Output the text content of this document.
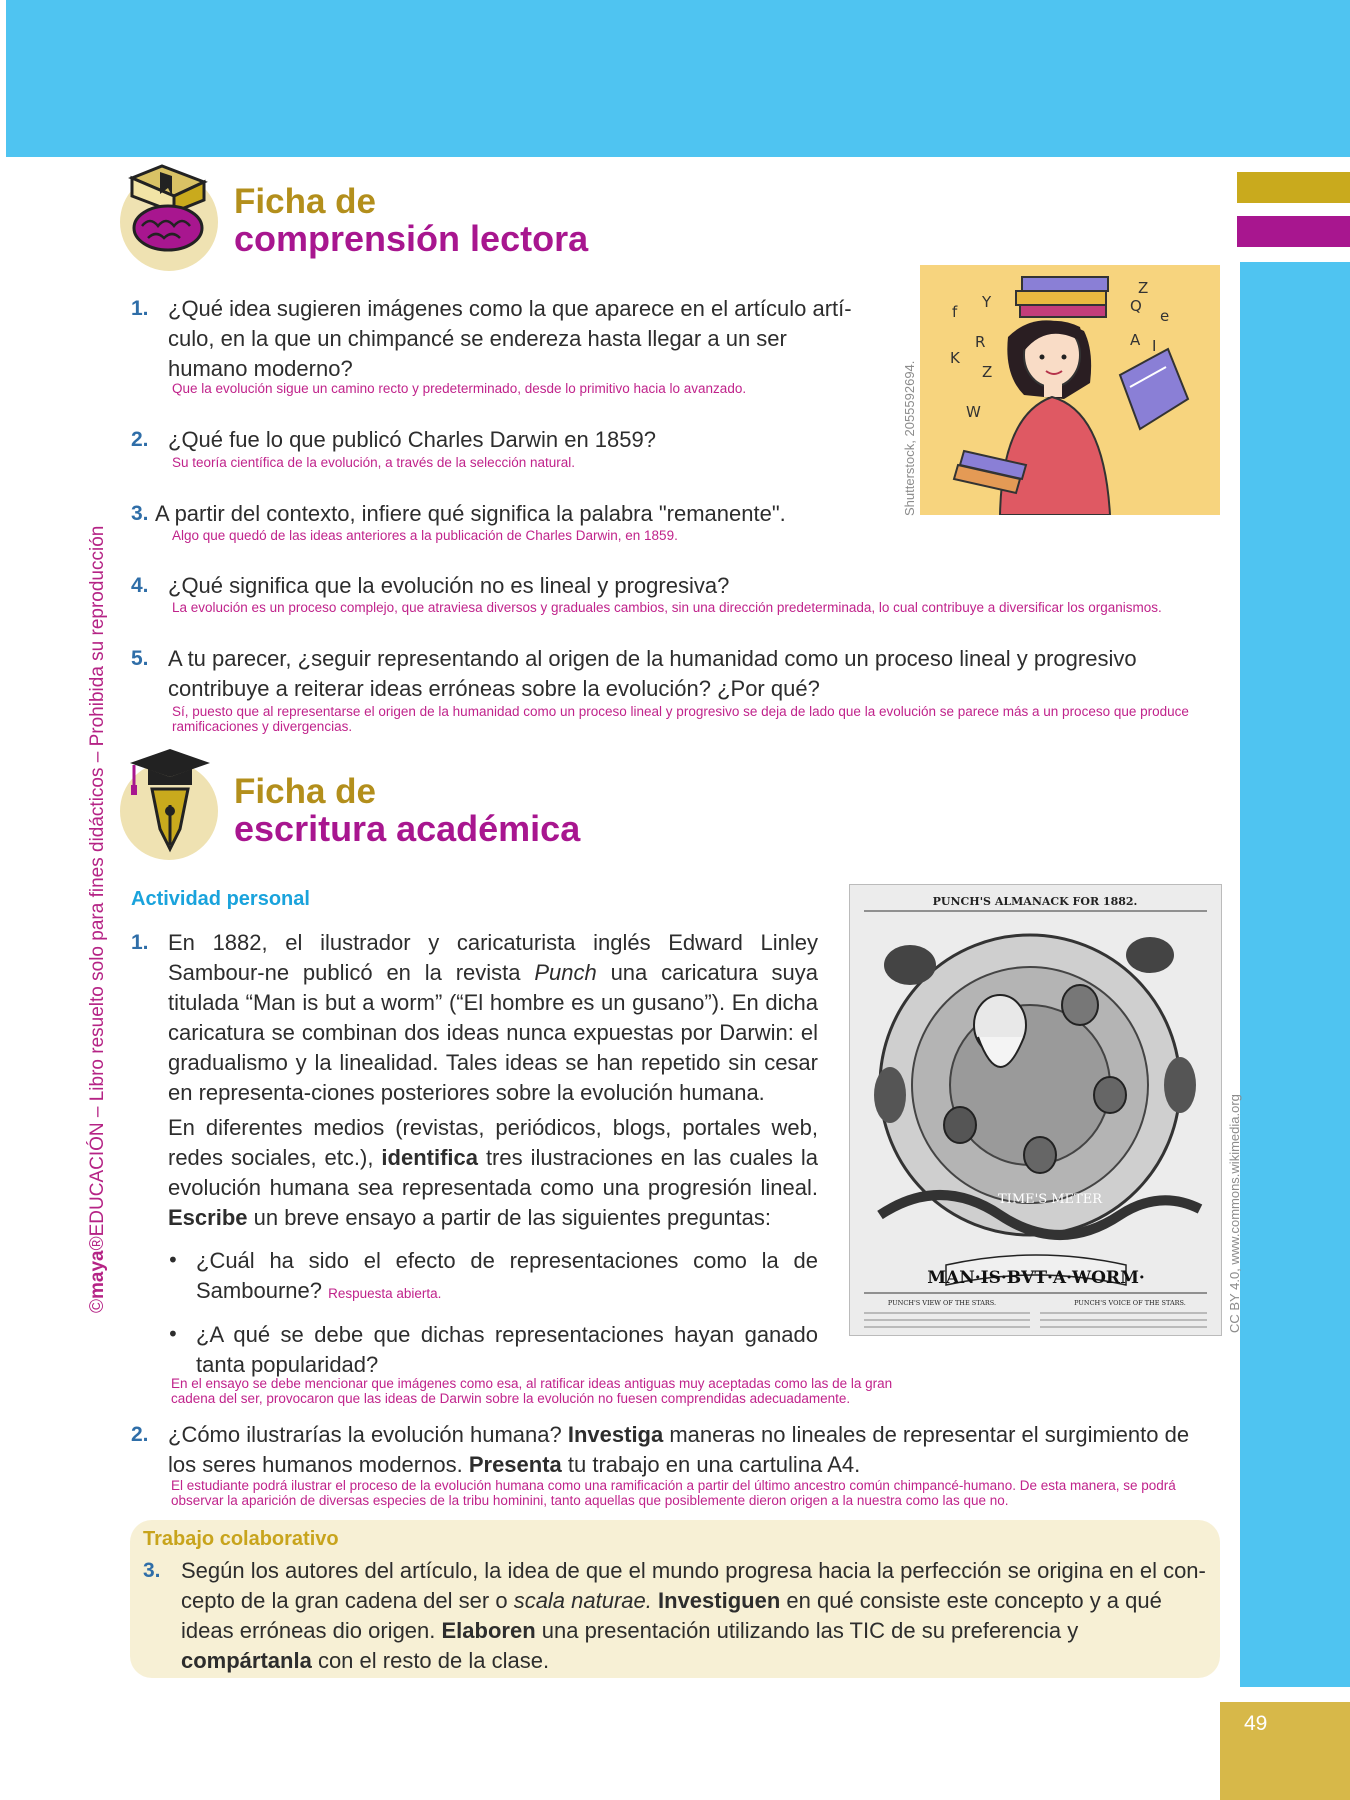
49
©maya®EDUCACIÓN – Libro resuelto solo para fines didácticos – Prohibida su reproducción
Ficha de
comprensión lectora
f
Y
R
K
Z
W
Z
Q
e
A I
Shutterstock, 2055592694.
1. ¿Qué idea sugieren imágenes como la que aparece en el artículo artí-culo, en la que un chimpancé se endereza hasta llegar a un ser humano moderno?
Que la evolución sigue un camino recto y predeterminado, desde lo primitivo hacia lo avanzado.
2. ¿Qué fue lo que publicó Charles Darwin en 1859?
Su teoría científica de la evolución, a través de la selección natural.
3. A partir del contexto, infiere qué significa la palabra "remanente".
Algo que quedó de las ideas anteriores a la publicación de Charles Darwin, en 1859.
4. ¿Qué significa que la evolución no es lineal y progresiva?
La evolución es un proceso complejo, que atraviesa diversos y graduales cambios, sin una dirección predeterminada, lo cual contribuye a diversificar los organismos.
5. A tu parecer, ¿seguir representando al origen de la humanidad como un proceso lineal y progresivo contribuye a reiterar ideas erróneas sobre la evolución? ¿Por qué?
Sí, puesto que al representarse el origen de la humanidad como un proceso lineal y progresivo se deja de lado que la evolución se parece más a un proceso que produce ramificaciones y divergencias.
Ficha de
escritura académica
Actividad personal	PUNCH'S ALMANACK FOR 1882.
TIME'S METER
MAN·IS·BVT·A·WORM·
PUNCH'S VIEW OF THE STARS.	PUNCH'S VOICE OF THE STARS.	CC BY 4.0, www.commons.wikimedia.org
1. En 1882, el ilustrador y caricaturista inglés Edward Linley Sambour-ne publicó en la revista Punch una caricatura suya titulada “Man is but a worm” (“El hombre es un gusano”). En dicha caricatura se combinan dos ideas nunca expuestas por Darwin: el gradualismo y la linealidad. Tales ideas se han repetido sin cesar en representa-ciones posteriores sobre la evolución humana.
En diferentes medios (revistas, periódicos, blogs, portales web, redes sociales, etc.), identifica tres ilustraciones en las cuales la evolución humana sea representada como una progresión lineal. Escribe un breve ensayo a partir de las siguientes preguntas:
• ¿Cuál ha sido el efecto de representaciones como la de Sambourne? Respuesta abierta.
• ¿A qué se debe que dichas representaciones hayan ganado tanta popularidad?
En el ensayo se debe mencionar que imágenes como esa, al ratificar ideas antiguas muy aceptadas como las de la gran cadena del ser, provocaron que las ideas de Darwin sobre la evolución no fuesen comprendidas adecuadamente.
2. ¿Cómo ilustrarías la evolución humana? Investiga maneras no lineales de representar el surgimiento de los seres humanos modernos. Presenta tu trabajo en una cartulina A4.
El estudiante podrá ilustrar el proceso de la evolución humana como una ramificación a partir del último ancestro común chimpancé-humano. De esta manera, se podrá observar la aparición de diversas especies de la tribu hominini, tanto aquellas que posiblemente dieron origen a la nuestra como las que no.
Trabajo colaborativo
3. Según los autores del artículo, la idea de que el mundo progresa hacia la perfección se origina en el con-cepto de la gran cadena del ser o scala naturae. Investiguen en qué consiste este concepto y a qué ideas erróneas dio origen. Elaboren una presentación utilizando las TIC de su preferencia y compártanla con el resto de la clase.
